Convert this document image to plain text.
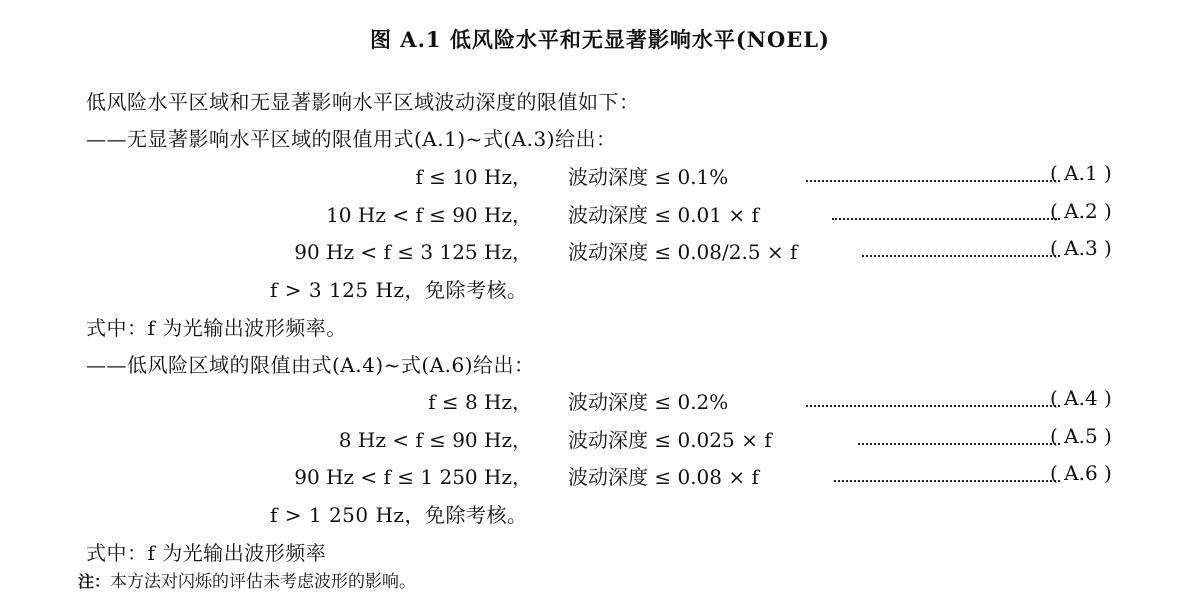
图 A.1 低风险水平和无显著影响水平(NOEL)
低风险水平区域和无显著影响水平区域波动深度的限值如下：
——无显著影响水平区域的限值用式(A.1)~式(A.3)给出：
f ≤ 10 Hz， 波动深度 ≤ 0.1%	( A.1 )
10 Hz < f ≤ 90 Hz， 波动深度 ≤ 0.01 × f	( A.2 )
90 Hz < f ≤ 3 125 Hz， 波动深度 ≤ 0.08/2.5 × f	( A.3 )
f > 3 125 Hz，免除考核。
式中：f 为光输出波形频率。
——低风险区域的限值由式(A.4)~式(A.6)给出：
f ≤ 8 Hz， 波动深度 ≤ 0.2%	( A.4 )
8 Hz < f ≤ 90 Hz， 波动深度 ≤ 0.025 × f	( A.5 )
90 Hz < f ≤ 1 250 Hz， 波动深度 ≤ 0.08 × f	( A.6 )
f > 1 250 Hz，免除考核。
式中：f 为光输出波形频率
注：本方法对闪烁的评估未考虑波形的影响。
